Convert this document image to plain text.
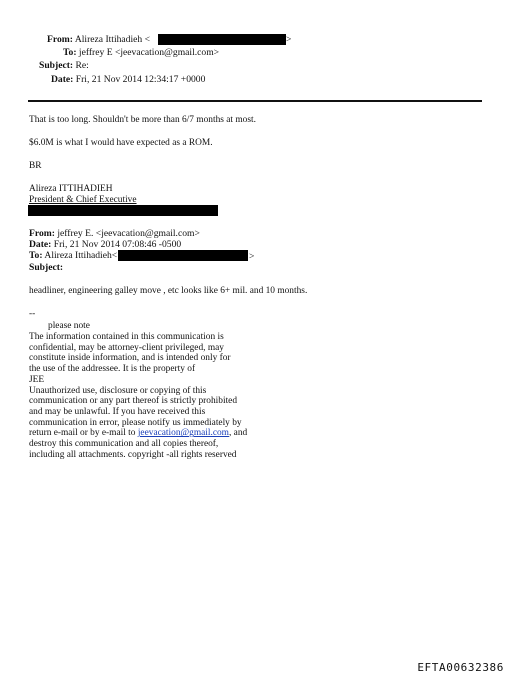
From: Alireza Ittihadieh <	>
To: jeffrey E <jeevacation@gmail.com>
Subject: Re:
Date: Fri, 21 Nov 2014 12:34:17 +0000
That is too long. Shouldn't be more than 6/7 months at most.
$6.0M is what I would have expected as a ROM.
BR
Alireza ITTIHADIEH
President & Chief Executive
From: jeffrey E. <jeevacation@gmail.com>
Date: Fri, 21 Nov 2014 07:08:46 -0500
To: Alireza Ittihadieh<	>
Subject:
headliner, engineering galley move , etc looks like 6+ mil. and 10 months.
--
please note
The information contained in this communication is
confidential, may be attorney-client privileged, may
constitute inside information, and is intended only for
the use of the addressee. It is the property of
JEE
Unauthorized use, disclosure or copying of this
communication or any part thereof is strictly prohibited
and may be unlawful. If you have received this
communication in error, please notify us immediately by
return e-mail or by e-mail to jeevacation@gmail.com, and
destroy this communication and all copies thereof,
including all attachments. copyright -all rights reserved
EFTA00632386
